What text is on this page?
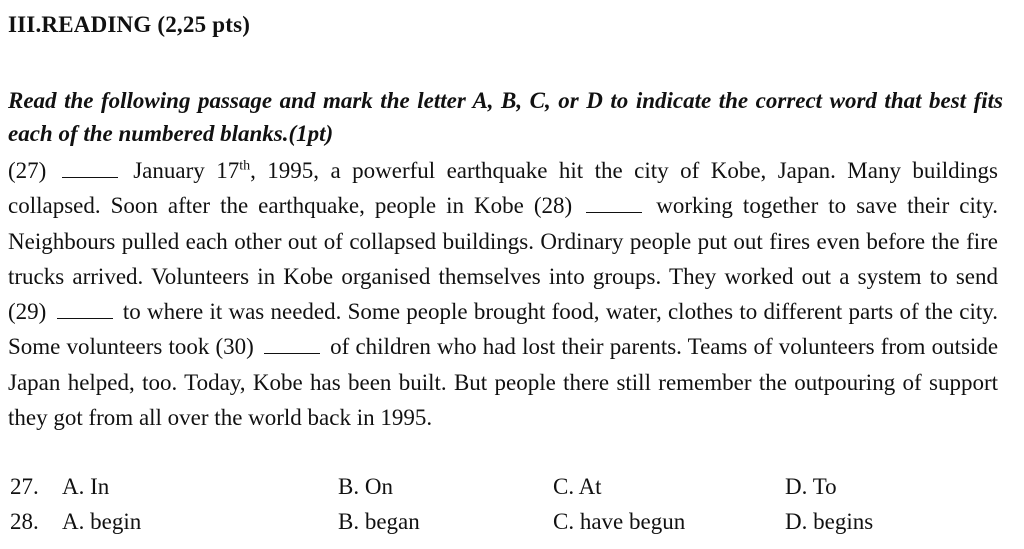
III.READING (2,25 pts)
Read the following passage and mark the letter A, B, C, or D to indicate the correct word that best fits each of the numbered blanks.(1pt)
(27)	January 17th, 1995, a powerful earthquake hit the city of Kobe, Japan. Many buildings collapsed. Soon after the earthquake, people in Kobe (28)	working together to save their city. Neighbours pulled each other out of collapsed buildings. Ordinary people put out fires even before the fire trucks arrived. Volunteers in Kobe organised themselves into groups. They worked out a system to send (29)	to where it was needed. Some people brought food, water, clothes to different parts of the city. Some volunteers took (30)	of children who had lost their parents. Teams of volunteers from outside Japan helped, too. Today, Kobe has been built. But people there still remember the outpouring of support they got from all over the world back in 1995.
27. A. In	B. On	C. At	D. To
28. A. begin	B. began	C. have begun	D. begins
